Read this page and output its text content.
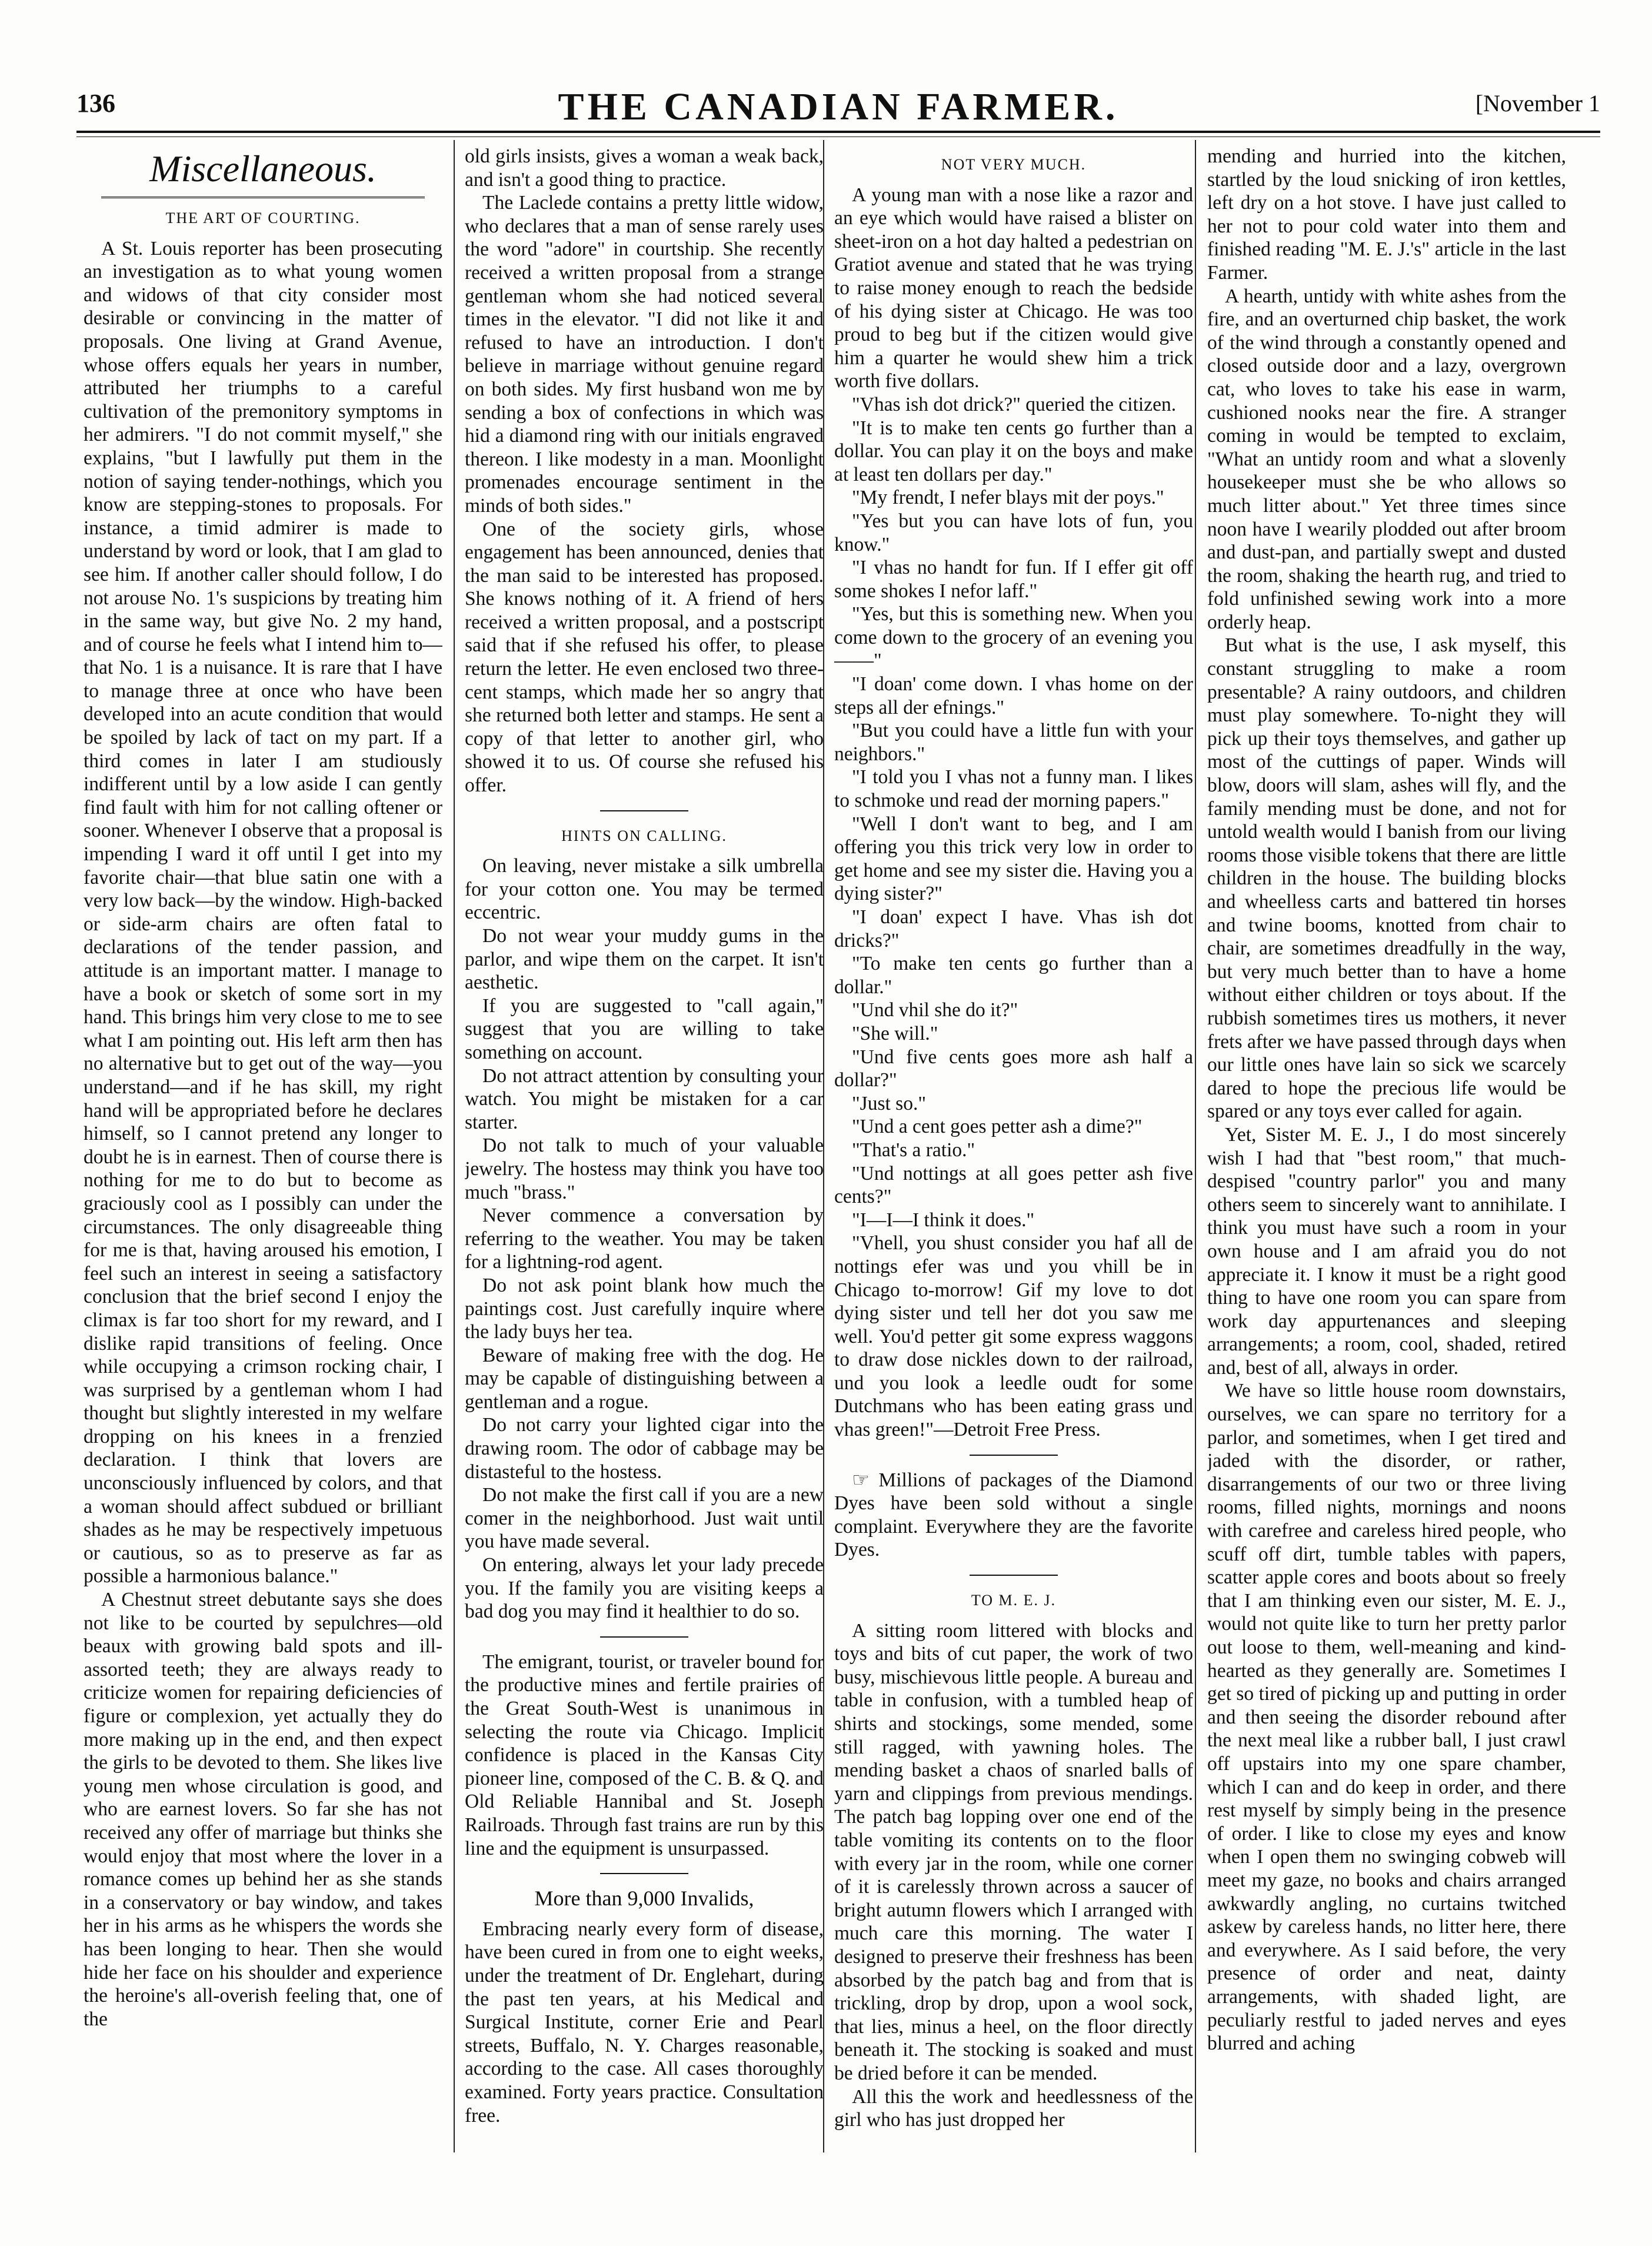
136	THE CANADIAN FARMER.	[November 1
Miscellaneous.
THE ART OF COURTING.

A St. Louis reporter has been prosecuting an investigation as to what young women and widows of that city consider most desirable or convincing in the matter of proposals. One living at Grand Avenue, whose offers equals her years in number, attributed her triumphs to a careful cultivation of the premonitory symptoms in her admirers. "I do not commit myself," she explains, "but I lawfully put them in the notion of saying tender-nothings, which you know are stepping-stones to proposals. For instance, a timid admirer is made to understand by word or look, that I am glad to see him. If another caller should follow, I do not arouse No. 1's suspicions by treating him in the same way, but give No. 2 my hand, and of course he feels what I intend him to—that No. 1 is a nuisance. It is rare that I have to manage three at once who have been developed into an acute condition that would be spoiled by lack of tact on my part. If a third comes in later I am studiously indifferent until by a low aside I can gently find fault with him for not calling oftener or sooner. Whenever I observe that a proposal is impending I ward it off until I get into my favorite chair—that blue satin one with a very low back—by the window. High-backed or side-arm chairs are often fatal to declarations of the tender passion, and attitude is an important matter. I manage to have a book or sketch of some sort in my hand. This brings him very close to me to see what I am pointing out. His left arm then has no alternative but to get out of the way—you understand—and if he has skill, my right hand will be appropriated before he declares himself, so I cannot pretend any longer to doubt he is in earnest. Then of course there is nothing for me to do but to become as graciously cool as I possibly can under the circumstances. The only disagreeable thing for me is that, having aroused his emotion, I feel such an interest in seeing a satisfactory conclusion that the brief second I enjoy the climax is far too short for my reward, and I dislike rapid transitions of feeling. Once while occupying a crimson rocking chair, I was surprised by a gentleman whom I had thought but slightly interested in my welfare dropping on his knees in a frenzied declaration. I think that lovers are unconsciously influenced by colors, and that a woman should affect subdued or brilliant shades as he may be respectively impetuous or cautious, so as to preserve as far as possible a harmonious balance."

A Chestnut street debutante says she does not like to be courted by sepulchres—old beaux with growing bald spots and ill-assorted teeth; they are always ready to criticize women for repairing deficiencies of figure or complexion, yet actually they do more making up in the end, and then expect the girls to be devoted to them. She likes live young men whose circulation is good, and who are earnest lovers. So far she has not received any offer of marriage but thinks she would enjoy that most where the lover in a romance comes up behind her as she stands in a conservatory or bay window, and takes her in his arms as he whispers the words she has been longing to hear. Then she would hide her face on his shoulder and experience the heroine's all-overish feeling that, one of the

old girls insists, gives a woman a weak back, and isn't a good thing to practice.

The Laclede contains a pretty little widow, who declares that a man of sense rarely uses the word "adore" in courtship. She recently received a written proposal from a strange gentleman whom she had noticed several times in the elevator. "I did not like it and refused to have an introduction. I don't believe in marriage without genuine regard on both sides. My first husband won me by sending a box of confections in which was hid a diamond ring with our initials engraved thereon. I like modesty in a man. Moonlight promenades encourage sentiment in the minds of both sides."

One of the society girls, whose engagement has been announced, denies that the man said to be interested has proposed. She knows nothing of it. A friend of hers received a written proposal, and a postscript said that if she refused his offer, to please return the letter. He even enclosed two three-cent stamps, which made her so angry that she returned both letter and stamps. He sent a copy of that letter to another girl, who showed it to us. Of course she refused his offer.

HINTS ON CALLING.

On leaving, never mistake a silk umbrella for your cotton one. You may be termed eccentric.

Do not wear your muddy gums in the parlor, and wipe them on the carpet. It isn't aesthetic.

If you are suggested to "call again," suggest that you are willing to take something on account.

Do not attract attention by consulting your watch. You might be mistaken for a car starter.

Do not talk to much of your valuable jewelry. The hostess may think you have too much "brass."

Never commence a conversation by referring to the weather. You may be taken for a lightning-rod agent.

Do not ask point blank how much the paintings cost. Just carefully inquire where the lady buys her tea.

Beware of making free with the dog. He may be capable of distinguishing between a gentleman and a rogue.

Do not carry your lighted cigar into the drawing room. The odor of cabbage may be distasteful to the hostess.

Do not make the first call if you are a new comer in the neighborhood. Just wait until you have made several.

On entering, always let your lady precede you. If the family you are visiting keeps a bad dog you may find it healthier to do so.

The emigrant, tourist, or traveler bound for the productive mines and fertile prairies of the Great South-West is unanimous in selecting the route via Chicago. Implicit confidence is placed in the Kansas City pioneer line, composed of the C. B. & Q. and Old Reliable Hannibal and St. Joseph Railroads. Through fast trains are run by this line and the equipment is unsurpassed.

More than 9,000 Invalids,

Embracing nearly every form of disease, have been cured in from one to eight weeks, under the treatment of Dr. Englehart, during the past ten years, at his Medical and Surgical Institute, corner Erie and Pearl streets, Buffalo, N. Y. Charges reasonable, according to the case. All cases thoroughly examined. Forty years practice. Consultation free.

NOT VERY MUCH.

A young man with a nose like a razor and an eye which would have raised a blister on sheet-iron on a hot day halted a pedestrian on Gratiot avenue and stated that he was trying to raise money enough to reach the bedside of his dying sister at Chicago. He was too proud to beg but if the citizen would give him a quarter he would shew him a trick worth five dollars.

"Vhas ish dot drick?" queried the citizen.

"It is to make ten cents go further than a dollar. You can play it on the boys and make at least ten dollars per day."

"My frendt, I nefer blays mit der poys."

"Yes but you can have lots of fun, you know."

"I vhas no handt for fun. If I effer git off some shokes I nefor laff."

"Yes, but this is something new. When you come down to the grocery of an evening you——"

"I doan' come down. I vhas home on der steps all der efnings."

"But you could have a little fun with your neighbors."

"I told you I vhas not a funny man. I likes to schmoke und read der morning papers."

"Well I don't want to beg, and I am offering you this trick very low in order to get home and see my sister die. Having you a dying sister?"

"I doan' expect I have. Vhas ish dot dricks?"

"To make ten cents go further than a dollar."

"Und vhil she do it?"

"She will."

"Und five cents goes more ash half a dollar?"

"Just so."

"Und a cent goes petter ash a dime?"

"That's a ratio."

"Und nottings at all goes petter ash five cents?"

"I—I—I think it does."

"Vhell, you shust consider you haf all de nottings efer was und you vhill be in Chicago to-morrow! Gif my love to dot dying sister und tell her dot you saw me well. You'd petter git some express waggons to draw dose nickles down to der railroad, und you look a leedle oudt for some Dutchmans who has been eating grass und vhas green!"—Detroit Free Press.

☞ Millions of packages of the Diamond Dyes have been sold without a single complaint. Everywhere they are the favorite Dyes.

TO M. E. J.

A sitting room littered with blocks and toys and bits of cut paper, the work of two busy, mischievous little people. A bureau and table in confusion, with a tumbled heap of shirts and stockings, some mended, some still ragged, with yawning holes. The mending basket a chaos of snarled balls of yarn and clippings from previous mendings. The patch bag lopping over one end of the table vomiting its contents on to the floor with every jar in the room, while one corner of it is carelessly thrown across a saucer of bright autumn flowers which I arranged with much care this morning. The water I designed to preserve their freshness has been absorbed by the patch bag and from that is trickling, drop by drop, upon a wool sock, that lies, minus a heel, on the floor directly beneath it. The stocking is soaked and must be dried before it can be mended.

All this the work and heedlessness of the girl who has just dropped her

mending and hurried into the kitchen, startled by the loud snicking of iron kettles, left dry on a hot stove. I have just called to her not to pour cold water into them and finished reading "M. E. J.'s" article in the last Farmer.

A hearth, untidy with white ashes from the fire, and an overturned chip basket, the work of the wind through a constantly opened and closed outside door and a lazy, overgrown cat, who loves to take his ease in warm, cushioned nooks near the fire. A stranger coming in would be tempted to exclaim, "What an untidy room and what a slovenly housekeeper must she be who allows so much litter about." Yet three times since noon have I wearily plodded out after broom and dust-pan, and partially swept and dusted the room, shaking the hearth rug, and tried to fold unfinished sewing work into a more orderly heap.

But what is the use, I ask myself, this constant struggling to make a room presentable? A rainy outdoors, and children must play somewhere. To-night they will pick up their toys themselves, and gather up most of the cuttings of paper. Winds will blow, doors will slam, ashes will fly, and the family mending must be done, and not for untold wealth would I banish from our living rooms those visible tokens that there are little children in the house. The building blocks and wheelless carts and battered tin horses and twine booms, knotted from chair to chair, are sometimes dreadfully in the way, but very much better than to have a home without either children or toys about. If the rubbish sometimes tires us mothers, it never frets after we have passed through days when our little ones have lain so sick we scarcely dared to hope the precious life would be spared or any toys ever called for again.

Yet, Sister M. E. J., I do most sincerely wish I had that "best room," that much-despised "country parlor" you and many others seem to sincerely want to annihilate. I think you must have such a room in your own house and I am afraid you do not appreciate it. I know it must be a right good thing to have one room you can spare from work day appurtenances and sleeping arrangements; a room, cool, shaded, retired and, best of all, always in order.

We have so little house room downstairs, ourselves, we can spare no territory for a parlor, and sometimes, when I get tired and jaded with the disorder, or rather, disarrangements of our two or three living rooms, filled nights, mornings and noons with carefree and careless hired people, who scuff off dirt, tumble tables with papers, scatter apple cores and boots about so freely that I am thinking even our sister, M. E. J., would not quite like to turn her pretty parlor out loose to them, well-meaning and kind-hearted as they generally are. Sometimes I get so tired of picking up and putting in order and then seeing the disorder rebound after the next meal like a rubber ball, I just crawl off upstairs into my one spare chamber, which I can and do keep in order, and there rest myself by simply being in the presence of order. I like to close my eyes and know when I open them no swinging cobweb will meet my gaze, no books and chairs arranged awkwardly angling, no curtains twitched askew by careless hands, no litter here, there and everywhere. As I said before, the very presence of order and neat, dainty arrangements, with shaded light, are peculiarly restful to jaded nerves and eyes blurred and aching
